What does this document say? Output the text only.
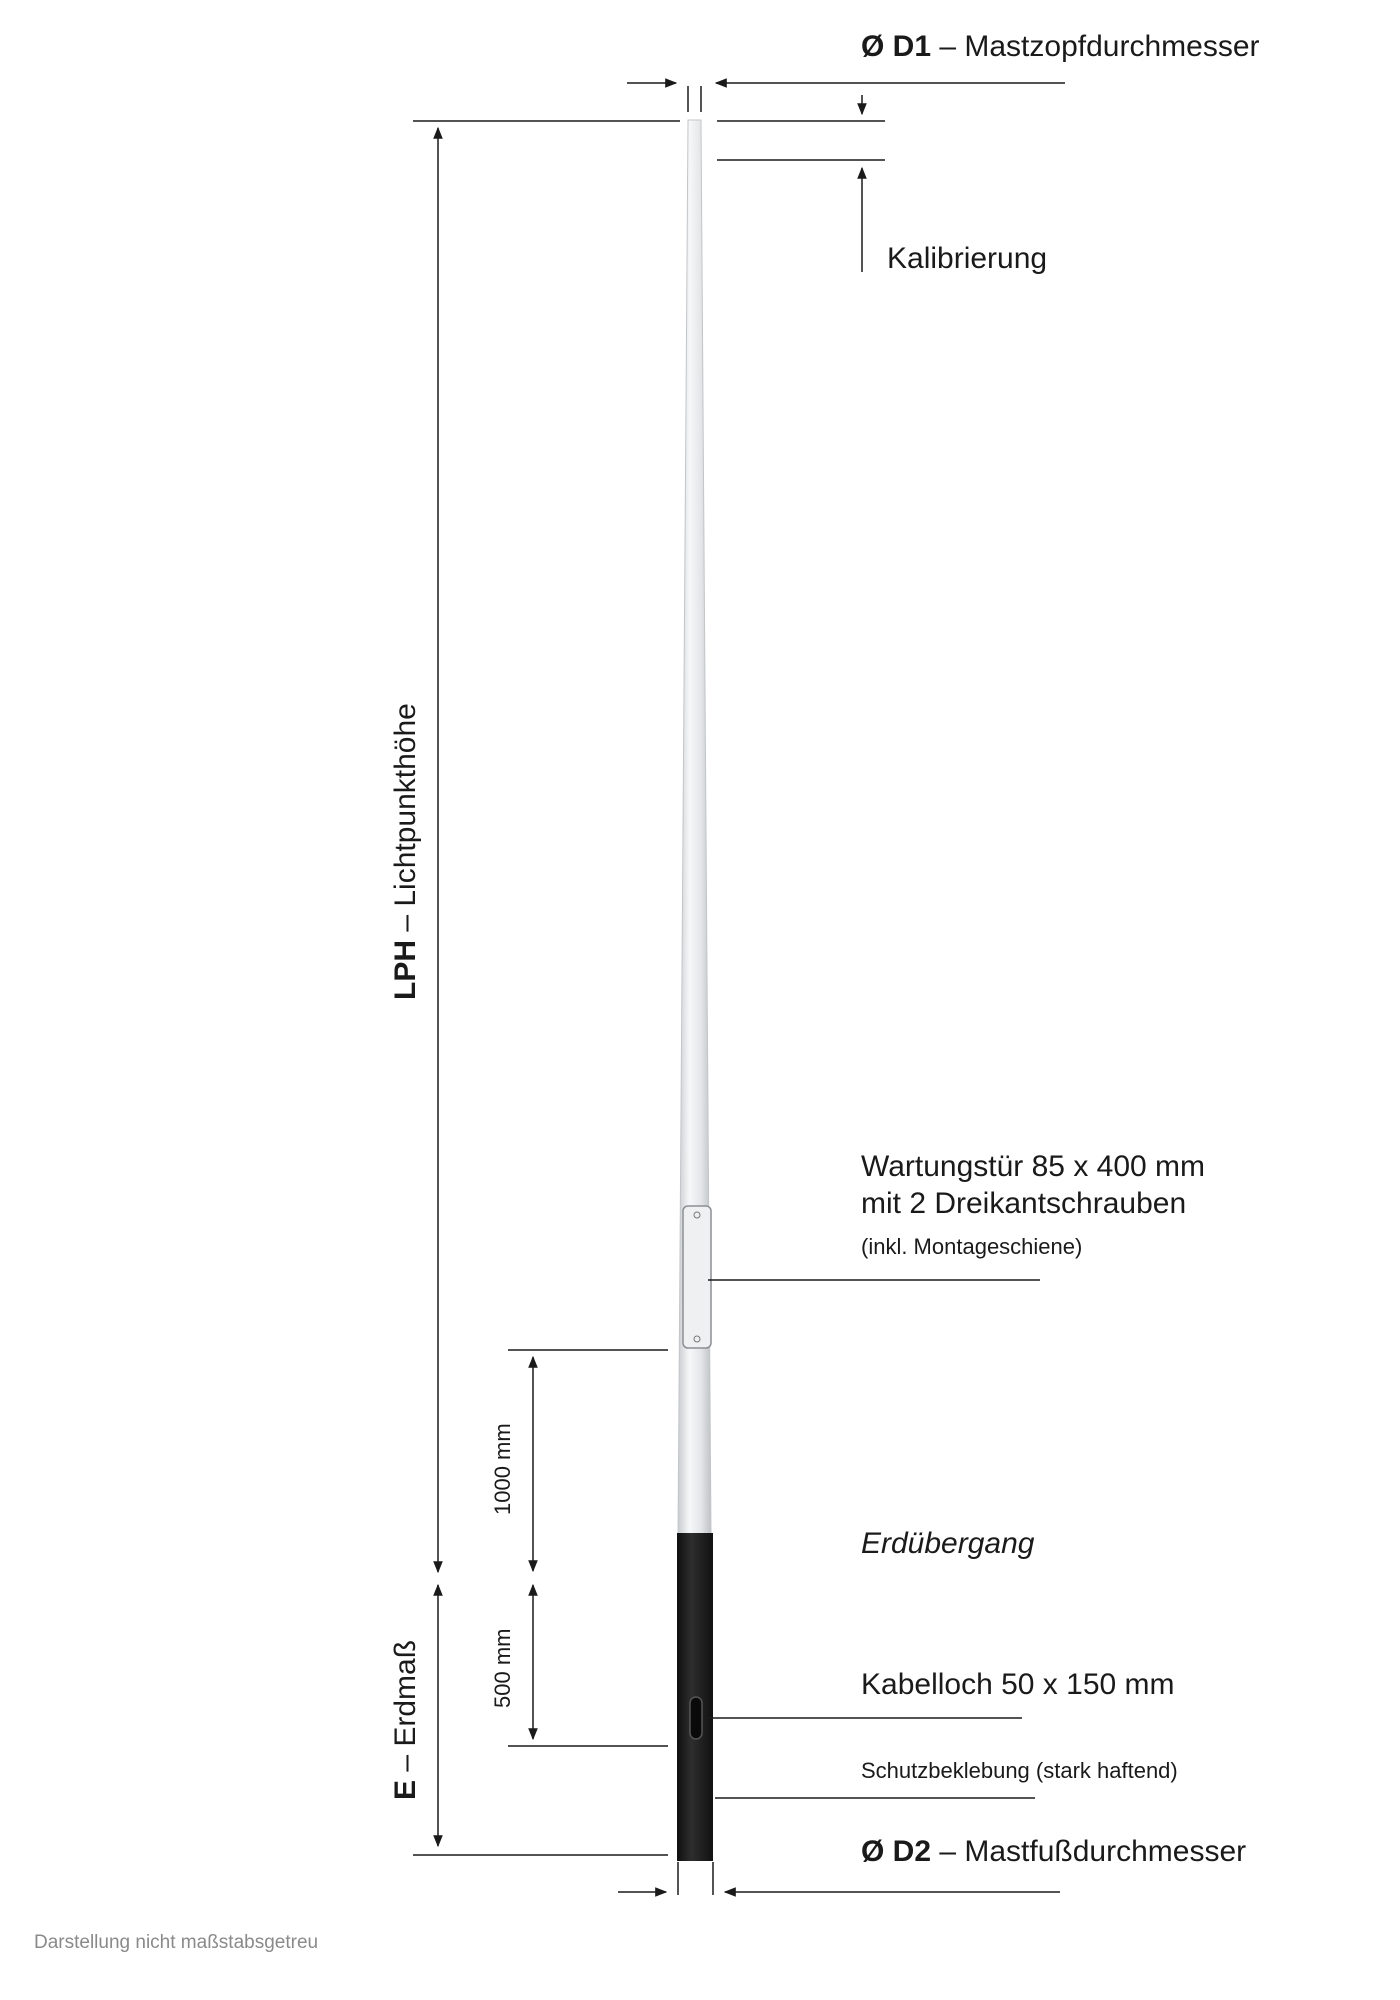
Ø D1 – Mastzopfdurchmesser
Kalibrierung
LPH – Lichtpunkthöhe
Wartungstür 85 x 400 mm
mit 2 Dreikantschrauben
(inkl. Montageschiene)
1000 mm
Erdübergang
500 mm
E – Erdmaß	Kabelloch 50 x 150 mm
Schutzbeklebung (stark haftend)
Ø D2 – Mastfußdurchmesser
Darstellung nicht maßstabsgetreu
